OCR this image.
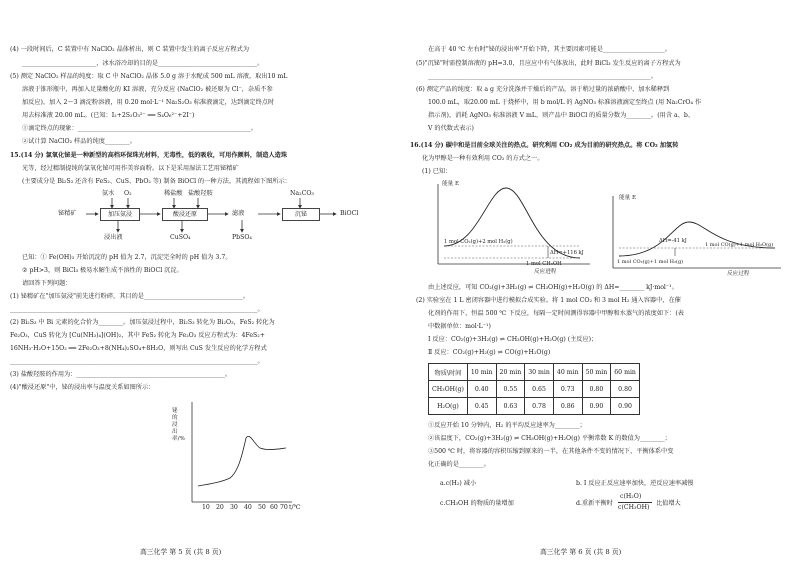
(4) 一段时间后，C 装置中有 NaClO₂ 晶体析出，则 C 装置中发生的离子反应方程式为
________________________，冰水浴冷却的目的是________________________________。
(5) 测定 NaClO₂ 样品的纯度：取 C 中 NaClO₂ 晶体 5.0 g 溶于水配成 500 mL 溶液，取出10 mL
溶液于锥形瓶中，再加入足量酸化的 KI 溶液，充分反应 (NaClO₂ 被还原为 Cl⁻，杂质不参
加反应)，加入 2～3 滴淀粉溶液，用 0.20 mol·L⁻¹ Na₂S₂O₃ 标准液滴定，达到滴定终点时
用去标准液 20.00 mL。(已知：I₂+2S₂O₃²⁻ ══ S₄O₆²⁻+2I⁻)
①滴定终点的现象：________________________________________________________。
②试计算 NaClO₂ 样品的纯度________。
15.(14 分) 氯氧化铋是一种新型的高档环保珠光材料，无毒性，低的吸收，可用作颜料，制造人造珠
光等，经过精制提纯的氯氧化铋可用作美容面粉。以下是采用湿法工艺用铋精矿
(主要成分是 Bi₂S₃ 还含有 FeS₂、CuS、PbO₂ 等) 制备 BiOCl 的一种方法，其流程如下图所示：
铋精矿	加压氨浸	酸浸还原	滤液	沉铋	BiOCl
氨水 O₂	稀盐酸 盐酸羟胺	Na₂CO₃
浸出液	CuSO₄	PbSO₄
已知：① Fe(OH)₃ 开始沉淀的 pH 值为 2.7，沉淀完全时的 pH 值为 3.7。
② pH>3，则 BiCl₃ 极易水解生成不溶性的 BiOCl 沉淀。
请回答下列问题：
(1) 铋精矿在"加压氨浸"前先进行粉碎，其目的是________________________________。
________________________________________________________________________________。
(2) Bi₂S₃ 中 Bi 元素的化合价为________。加压氨浸过程中，Bi₂S₃ 转化为 Bi₂O₃，FeS₂ 转化为
Fe₂O₃，CuS 转化为 [Cu(NH₃)₄](OH)₂，其中 FeS₂ 转化为 Fe₂O₃ 反应方程式为：4FeS₂+
16NH₃·H₂O+15O₂ ══ 2Fe₂O₃+8(NH₄)₂SO₄+8H₂O，则写出 CuS 发生反应的化学方程式
________________________________________________________________________________。
(3) 盐酸羟胺的作用为：________________________________________________。
(4)"酸浸还原"中，铋的浸出率与温度关系如图所示：
铋的浸出率/%
10 20 30 40 50 60 70 t/℃
高三化学 第 5 页 (共 8 页)
在高于 40 ℃ 左右时"铋的浸出率"开始下降，其主要因素可能是____________________。
(5)"沉铋"时需控制溶液的 pH=3.0，且应应中有气体放出，此时 BiCl₃ 发生反应的离子方程式为
________________________________________________________________________。
(6) 测定产品的纯度：取 a g 充分洗涤并干燥后的产品，溶于稍过量的浓硝酸中，加水稀释到
100.0 mL，取20.00 mL 于烧杯中，用 b mol/L 的 AgNO₃ 标准溶液滴定至终点 (用 Na₂CrO₄ 作
指示剂)，消耗 AgNO₃ 标准溶液 V mL，则产品中 BiOCl 的质量分数为________。(用含 a、b、
V 的代数式表示)
16.(14 分) 碳中和是目前全球关注的热点。研究利用 CO₂ 成为目前的研究热点。将 CO₂ 加氢转
化为甲醇是一种有效利用 CO₂ 的方式之一。
(1) 已知：
能量 E
1 mol CO₂(g)+2 mol H₂(g)
ΔH=+116 kJ
1 mol CH₃OH
反应进程
能量 E
ΔH=-41 kJ
1 mol CO₂(g)+1 mol H₂(g)
1 mol CO(g)+1 mol H₂O(g)
反应过程
由上述反应，可知 CO₂(g)+3H₂(g) ⇌ CH₃OH(g)+H₂O(g) 的 ΔH=________ kJ·mol⁻¹。
(2) 实验室在 1 L 密闭容器中进行模拟合成实验。将 1 mol CO₂ 和 3 mol H₂ 通入容器中，在催
化剂的作用下，恒温 500 ℃ 下反应，每隔一定时间测得容器中甲醇和水蒸气的浓度如下：(表
中数据单位：mol·L⁻¹)
Ⅰ 反应：CO₂(g)+3H₂(g) ⇌ CH₃OH(g)+H₂O(g) (主反应)；
Ⅱ 反应：CO₂(g)+H₂(g) ⇌ CO(g)+H₂O(g)
物质\时间	10 min	20 min	30 min	40 min	50 min	60 min
CH₃OH(g)	0.40	0.55	0.65	0.73	0.80	0.80
H₂O(g)	0.45	0.63	0.78	0.86	0.90	0.90
①反应开始 10 分钟内，H₂ 的平均反应速率为________；
②该温度下，CO₂(g)+3H₂(g) ⇌ CH₃OH(g)+H₂O(g) 平衡常数 K 的数值为________；
③500 ℃ 时，将容器的容积压缩到原来的一半，在其他条件不变的情况下，平衡体系中变
化正确的是________。
a.c(H₂) 减小	b. Ⅰ 反应正反应速率加快，逆反应速率减慢
c.CH₃OH 的物质的量增加	d.重新平衡时
c(H₂O)
c(CH₃OH)
比值增大
高三化学 第 6 页 (共 8 页)
